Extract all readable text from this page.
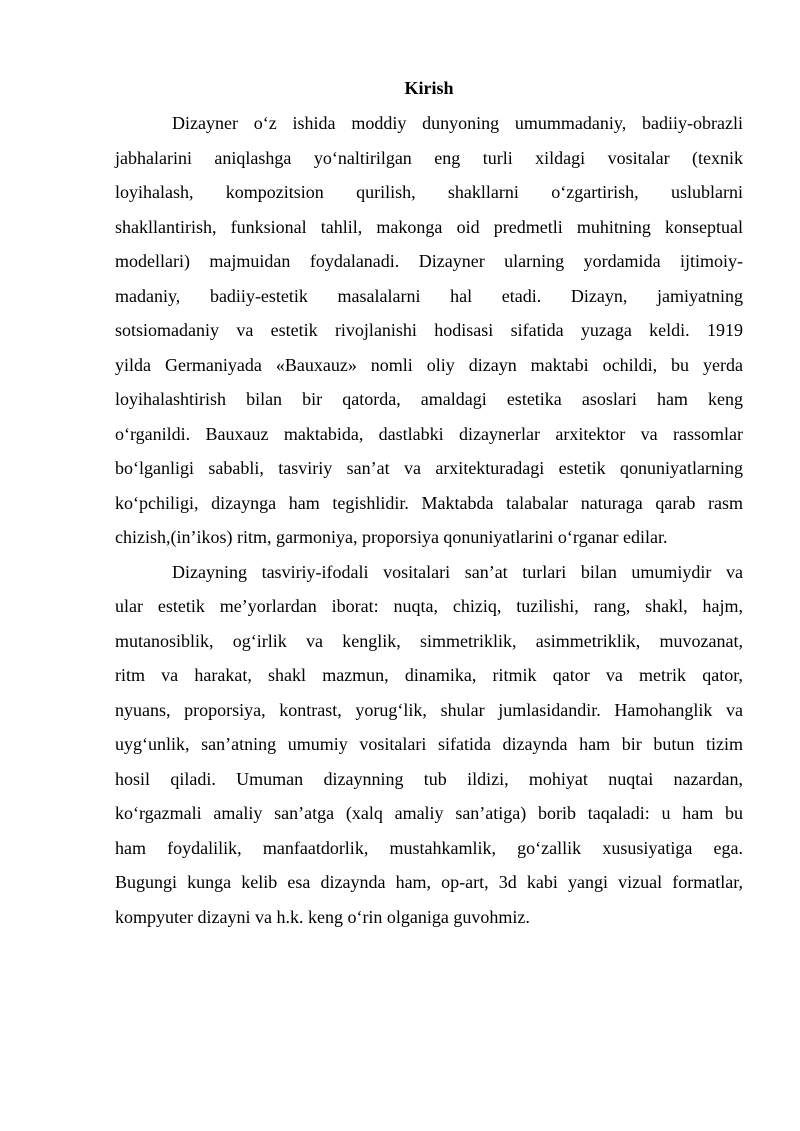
Kirish
Dizayner o‘z ishida moddiy dunyoning umummadaniy, badiiy-obrazli
jabhalarini aniqlashga yo‘naltirilgan eng turli xildagi vositalar (texnik
loyihalash, kompozitsion qurilish, shakllarni o‘zgartirish, uslublarni
shakllantirish, funksional tahlil, makonga oid predmetli muhitning konseptual
modellari) majmuidan foydalanadi. Dizayner ularning yordamida ijtimoiy-
madaniy, badiiy-estetik masalalarni hal etadi. Dizayn, jamiyatning
sotsiomadaniy va estetik rivojlanishi hodisasi sifatida yuzaga keldi. 1919
yilda Germaniyada «Bauxauz» nomli oliy dizayn maktabi ochildi, bu yerda
loyihalashtirish bilan bir qatorda, amaldagi estetika asoslari ham keng
o‘rganildi. Bauxauz maktabida, dastlabki dizaynerlar arxitektor va rassomlar
bo‘lganligi sababli, tasviriy san’at va arxitekturadagi estetik qonuniyatlarning
ko‘pchiligi, dizaynga ham tegishlidir. Maktabda talabalar naturaga qarab rasm
chizish,(in’ikos) ritm, garmoniya, proporsiya qonuniyatlarini o‘rganar edilar.
Dizayning tasviriy-ifodali vositalari san’at turlari bilan umumiydir va
ular estetik me’yorlardan iborat: nuqta, chiziq, tuzilishi, rang, shakl, hajm,
mutanosiblik, og‘irlik va kenglik, simmetriklik, asimmetriklik, muvozanat,
ritm va harakat, shakl mazmun, dinamika, ritmik qator va metrik qator,
nyuans, proporsiya, kontrast, yorug‘lik, shular jumlasidandir. Hamohanglik va
uyg‘unlik, san’atning umumiy vositalari sifatida dizaynda ham bir butun tizim
hosil qiladi. Umuman dizaynning tub ildizi, mohiyat nuqtai nazardan,
ko‘rgazmali amaliy san’atga (xalq amaliy san’atiga) borib taqaladi: u ham bu
ham foydalilik, manfaatdorlik, mustahkamlik, go‘zallik xususiyatiga ega.
Bugungi kunga kelib esa dizaynda ham, op-art, 3d kabi yangi vizual formatlar,
kompyuter dizayni va h.k. keng o‘rin olganiga guvohmiz.
